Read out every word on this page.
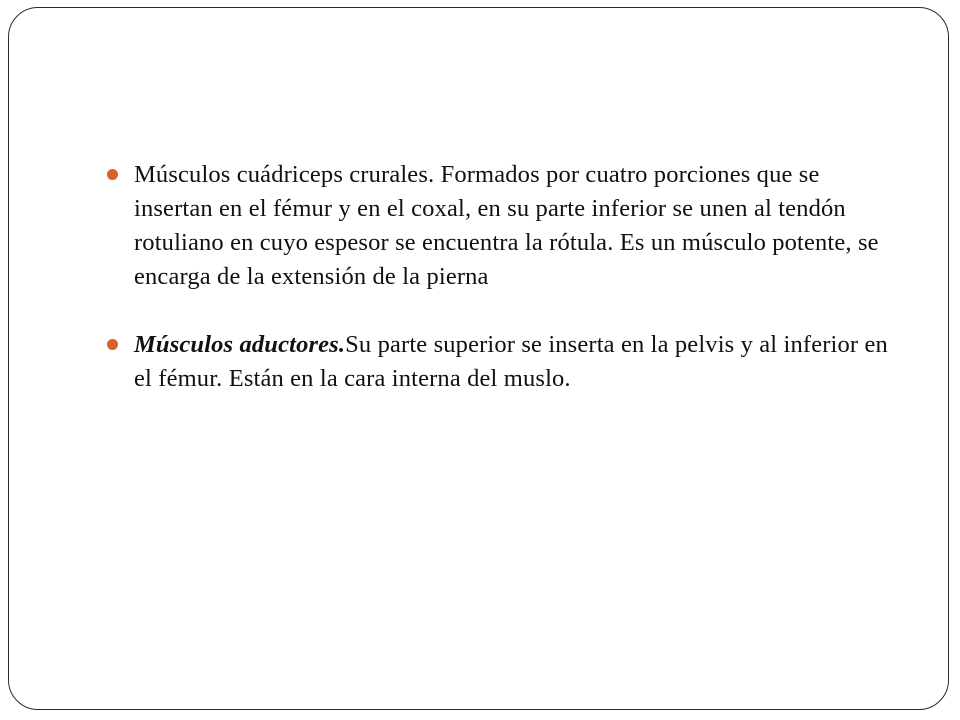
Músculos cuádriceps crurales. Formados por cuatro porciones que se insertan en el fémur y en el coxal, en su parte inferior se unen al tendón rotuliano en cuyo espesor se encuentra la rótula. Es un músculo potente, se encarga de la extensión de la pierna
Músculos aductores.Su parte superior se inserta en la pelvis y al inferior en el fémur. Están en la cara interna del muslo.
